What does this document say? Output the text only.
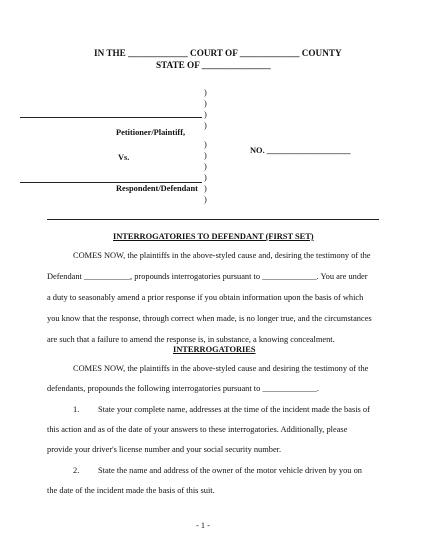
IN THE _____________ COURT OF _____________ COUNTY
STATE OF _______________
)
)
)
)
)
)
)
)
)
)
Petitioner/Plaintiff,
Vs.
Respondent/Defendant
NO. ____________________
INTERROGATORIES TO DEFENDANT (FIRST SET)
COMES NOW, the plaintiffs in the above-styled cause and, desiring the testimony of the
Defendant ___________, propounds interrogatories pursuant to _____________. You are under
a duty to seasonably amend a prior response if you obtain information upon the basis of which
you know that the response, through correct when made, is no longer true, and the circumstances
are such that a failure to amend the response is, in substance, a knowing concealment.
INTERROGATORIES
COMES NOW, the plaintiffs in the above-styled cause and desiring the testimony of the
defendants, propounds the following interrogatories pursuant to _____________.
1. State your complete name, addresses at the time of the incident made the basis of
this action and as of the date of your answers to these interrogatories. Additionally, please
provide your driver's license number and your social security number.
2. State the name and address of the owner of the motor vehicle driven by you on
the date of the incident made the basis of this suit.
- 1 -
